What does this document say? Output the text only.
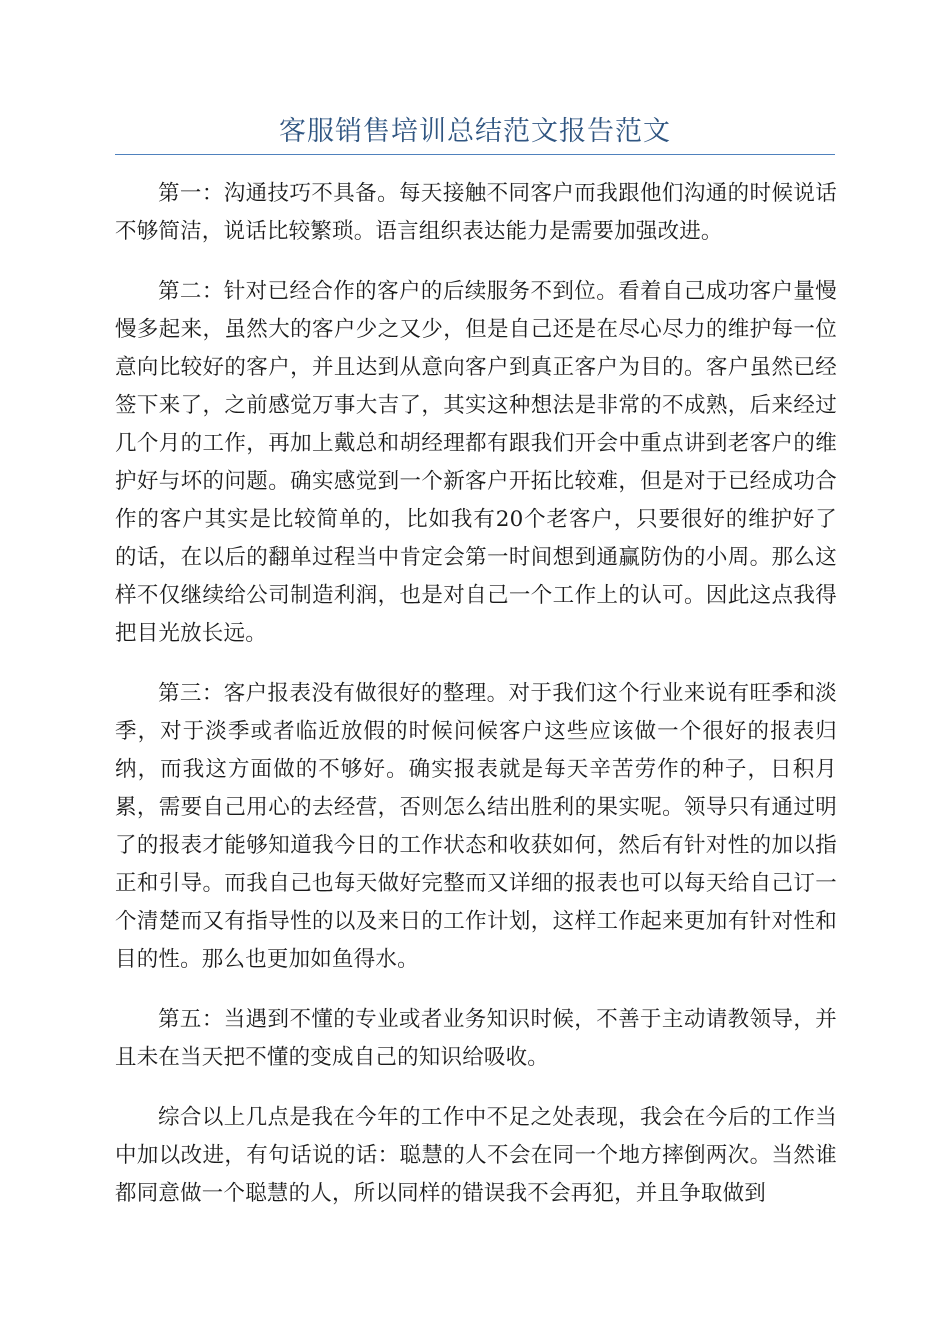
客服销售培训总结范文报告范文

第一：沟通技巧不具备。每天接触不同客户而我跟他们沟通的时候说话不够简洁，说话比较繁琐。语言组织表达能力是需要加强改进。

第二：针对已经合作的客户的后续服务不到位。看着自己成功客户量慢慢多起来，虽然大的客户少之又少，但是自己还是在尽心尽力的维护每一位意向比较好的客户，并且达到从意向客户到真正客户为目的。客户虽然已经签下来了，之前感觉万事大吉了，其实这种想法是非常的不成熟，后来经过几个月的工作，再加上戴总和胡经理都有跟我们开会中重点讲到老客户的维护好与坏的问题。确实感觉到一个新客户开拓比较难，但是对于已经成功合作的客户其实是比较简单的，比如我有20个老客户，只要很好的维护好了的话，在以后的翻单过程当中肯定会第一时间想到通赢防伪的小周。那么这样不仅继续给公司制造利润，也是对自己一个工作上的认可。因此这点我得把目光放长远。

第三：客户报表没有做很好的整理。对于我们这个行业来说有旺季和淡季，对于淡季或者临近放假的时候问候客户这些应该做一个很好的报表归纳，而我这方面做的不够好。确实报表就是每天辛苦劳作的种子，日积月累，需要自己用心的去经营，否则怎么结出胜利的果实呢。领导只有通过明了的报表才能够知道我今日的工作状态和收获如何，然后有针对性的加以指正和引导。而我自己也每天做好完整而又详细的报表也可以每天给自己订一个清楚而又有指导性的以及来日的工作计划，这样工作起来更加有针对性和目的性。那么也更加如鱼得水。

第五：当遇到不懂的专业或者业务知识时候，不善于主动请教领导，并且未在当天把不懂的变成自己的知识给吸收。

综合以上几点是我在今年的工作中不足之处表现，我会在今后的工作当中加以改进，有句话说的话：聪慧的人不会在同一个地方摔倒两次。当然谁都同意做一个聪慧的人，所以同样的错误我不会再犯，并且争取做到
